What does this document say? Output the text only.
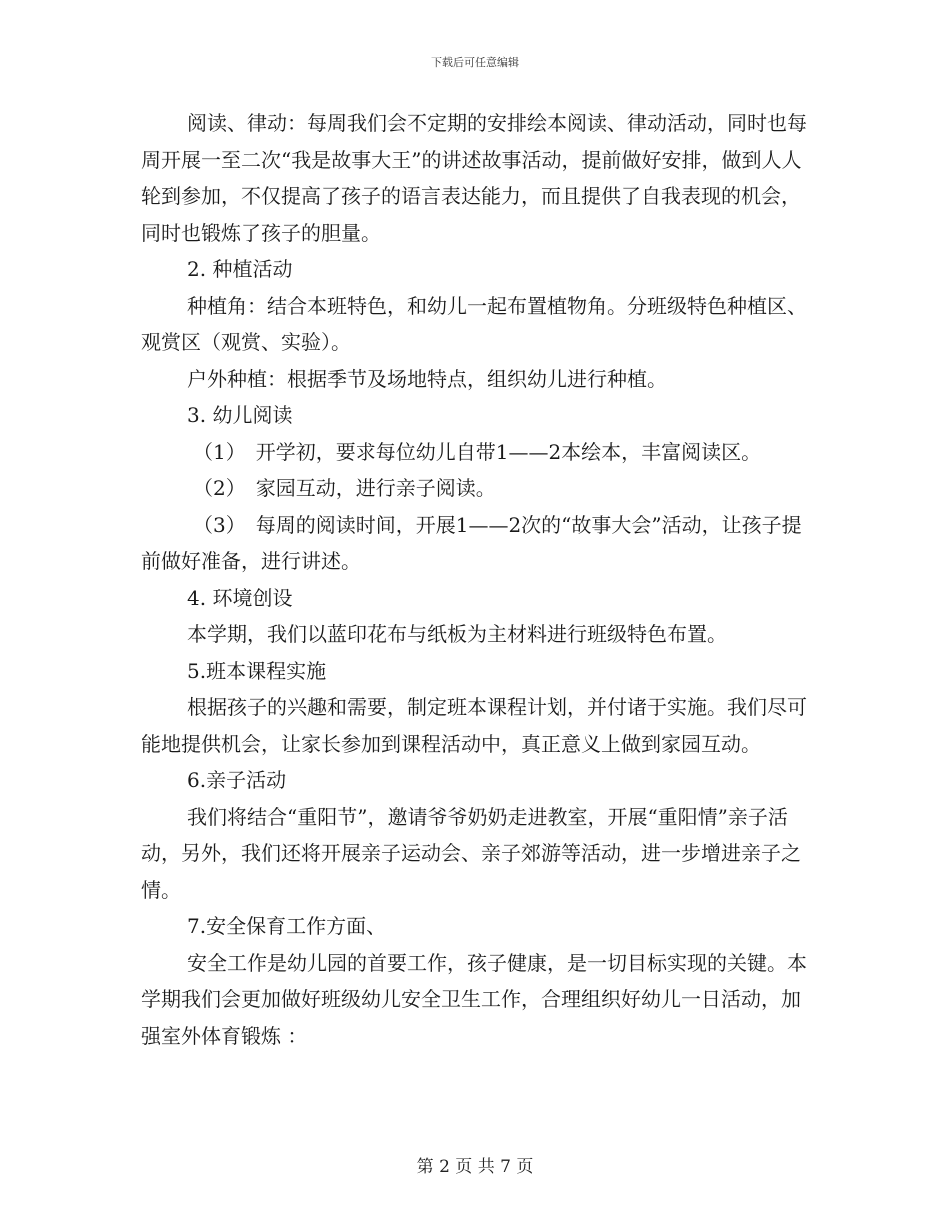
下载后可任意编辑

阅读、律动：每周我们会不定期的安排绘本阅读、律动活动，同时也每周开展一至二次“我是故事大王”的讲述故事活动，提前做好安排，做到人人轮到参加，不仅提高了孩子的语言表达能力，而且提供了自我表现的机会，同时也锻炼了孩子的胆量。

2. 种植活动

种植角：结合本班特色，和幼儿一起布置植物角。分班级特色种植区、观赏区（观赏、实验）。

户外种植：根据季节及场地特点，组织幼儿进行种植。

3. 幼儿阅读

（1）　开学初，要求每位幼儿自带1——2本绘本，丰富阅读区。

（2）　家园互动，进行亲子阅读。

（3）　每周的阅读时间，开展1——2次的“故事大会”活动，让孩子提前做好准备，进行讲述。

4. 环境创设

本学期，我们以蓝印花布与纸板为主材料进行班级特色布置。

5.班本课程实施

根据孩子的兴趣和需要，制定班本课程计划，并付诸于实施。我们尽可能地提供机会，让家长参加到课程活动中，真正意义上做到家园互动。

6.亲子活动

我们将结合“重阳节”，邀请爷爷奶奶走进教室，开展“重阳情”亲子活动，另外，我们还将开展亲子运动会、亲子郊游等活动，进一步增进亲子之情。

7.安全保育工作方面、

安全工作是幼儿园的首要工作，孩子健康，是一切目标实现的关键。本学期我们会更加做好班级幼儿安全卫生工作，合理组织好幼儿一日活动，加强室外体育锻炼 ：

第 2 页 共 7 页
